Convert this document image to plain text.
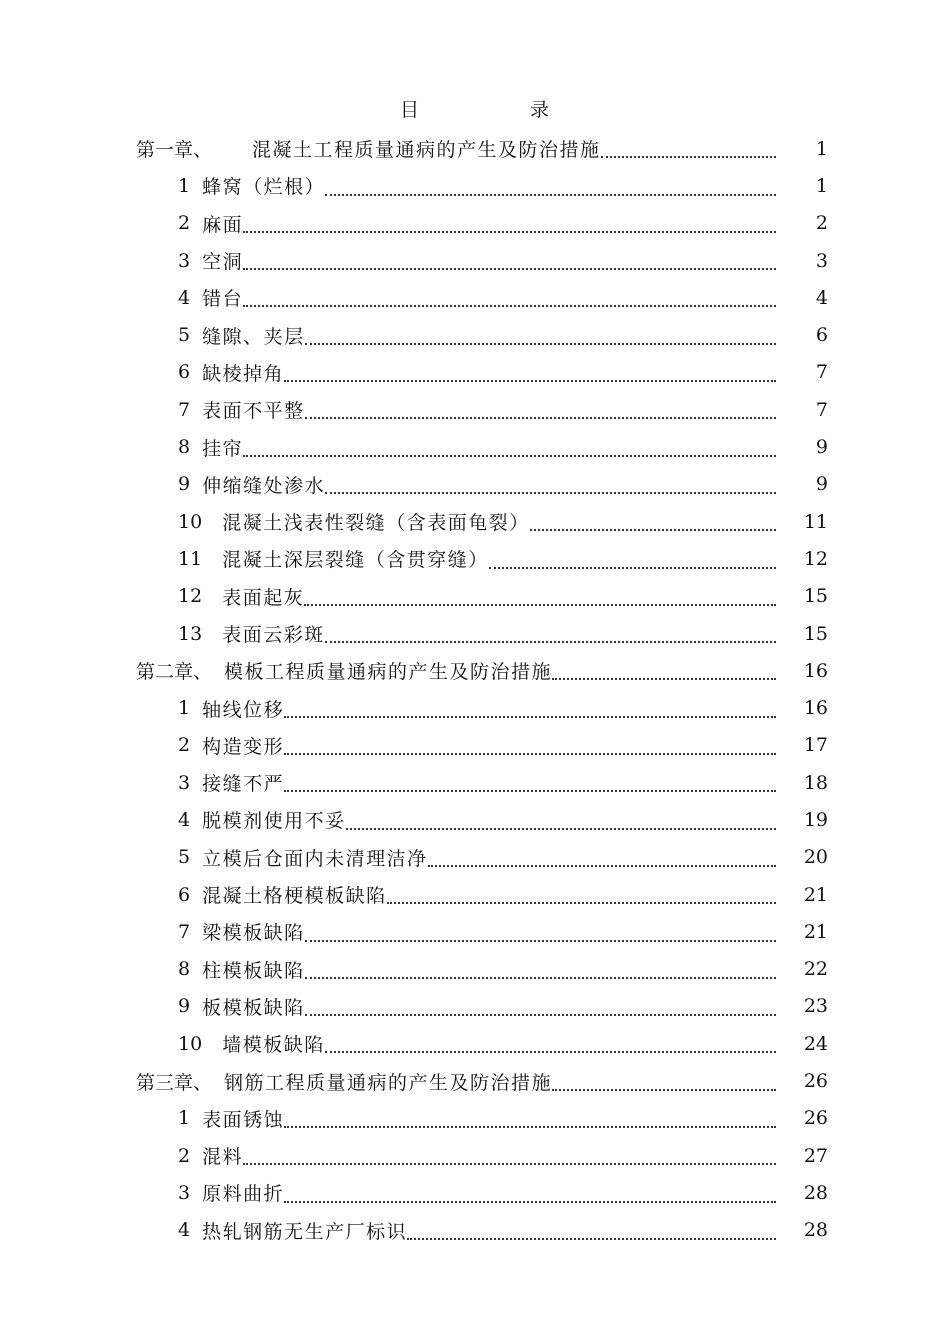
目	录
第一章、 混凝土工程质量通病的产生及防治措施	1
1 蜂窝（烂根）	1
2 麻面	2
3 空洞	3
4 错台	4
5 缝隙、夹层	6
6 缺棱掉角	7
7 表面不平整	7
8 挂帘	9
9 伸缩缝处渗水	9
10 混凝土浅表性裂缝（含表面龟裂）	11
11 混凝土深层裂缝（含贯穿缝）	12
12 表面起灰	15
13 表面云彩斑	15
第二章、 模板工程质量通病的产生及防治措施	16
1 轴线位移	16
2 构造变形	17
3 接缝不严	18
4 脱模剂使用不妥	19
5 立模后仓面内未清理洁净	20
6 混凝土格梗模板缺陷	21
7 梁模板缺陷	21
8 柱模板缺陷	22
9 板模板缺陷	23
10 墙模板缺陷	24
第三章、 钢筋工程质量通病的产生及防治措施	26
1 表面锈蚀	26
2 混料	27
3 原料曲折	28
4 热轧钢筋无生产厂标识	28
